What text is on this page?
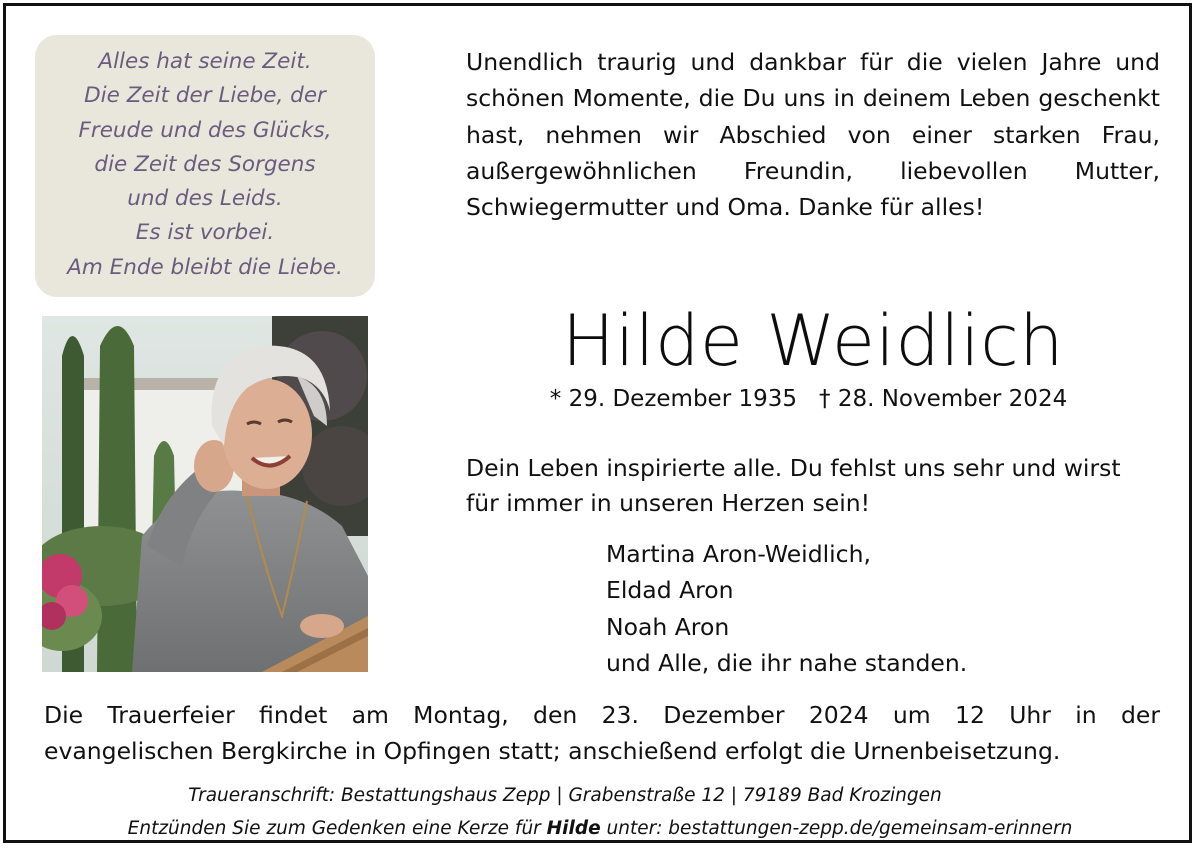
Alles hat seine Zeit.
Die Zeit der Liebe, der
Freude und des Glücks,
die Zeit des Sorgens
und des Leids.
Es ist vorbei.
Am Ende bleibt die Liebe.
Unendlich traurig und dankbar für die vielen Jahre und schönen Momente, die Du uns in deinem Leben geschenkt hast, nehmen wir Abschied von einer starken Frau, außergewöhnlichen Freundin, liebevollen Mutter, Schwiegermutter und Oma. Danke für alles!
Hilde Weidlich
* 29. Dezember 1935 † 28. November 2024
Dein Leben inspirierte alle. Du fehlst uns sehr und wirst
für immer in unseren Herzen sein!
Martina Aron-Weidlich,
Eldad Aron
Noah Aron
und Alle, die ihr nahe standen.
Die Trauerfeier findet am Montag, den 23. Dezember 2024 um 12 Uhr in der
evangelischen Bergkirche in Opfingen statt; anschießend erfolgt die Urnenbeisetzung.
Traueranschrift: Bestattungshaus Zepp | Grabenstraße 12 | 79189 Bad Krozingen
Entzünden Sie zum Gedenken eine Kerze für Hilde unter: bestattungen-zepp.de/gemeinsam-erinnern
